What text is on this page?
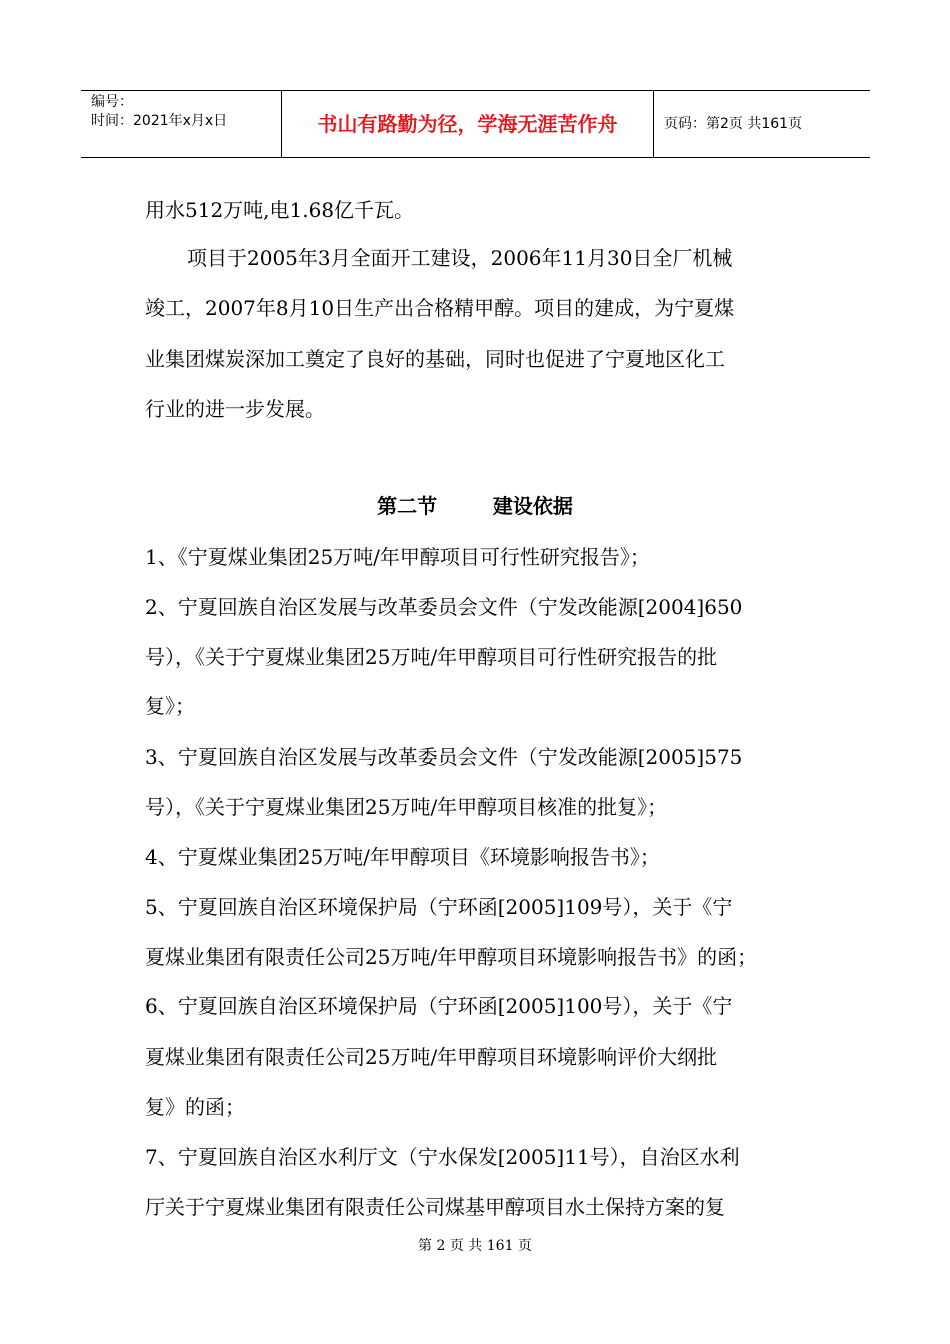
编号：
时间：2021年x月x日	书山有路勤为径，学海无涯苦作舟	页码：第2页 共161页
用水512万吨,电1.68亿千瓦。
项目于2005年3月全面开工建设，2006年11月30日全厂机械
竣工，2007年8月10日生产出合格精甲醇。项目的建成，为宁夏煤
业集团煤炭深加工奠定了良好的基础，同时也促进了宁夏地区化工
行业的进一步发展。
第二节	建设依据
1、《宁夏煤业集团25万吨/年甲醇项目可行性研究报告》；
2、宁夏回族自治区发展与改革委员会文件（宁发改能源[2004]650
号），《关于宁夏煤业集团25万吨/年甲醇项目可行性研究报告的批
复》；
3、宁夏回族自治区发展与改革委员会文件（宁发改能源[2005]575
号），《关于宁夏煤业集团25万吨/年甲醇项目核准的批复》；
4、宁夏煤业集团25万吨/年甲醇项目《环境影响报告书》；
5、宁夏回族自治区环境保护局（宁环函[2005]109号），关于《宁
夏煤业集团有限责任公司25万吨/年甲醇项目环境影响报告书》的函；
6、宁夏回族自治区环境保护局（宁环函[2005]100号），关于《宁
夏煤业集团有限责任公司25万吨/年甲醇项目环境影响评价大纲批
复》的函；
7、宁夏回族自治区水利厅文（宁水保发[2005]11号），自治区水利
厅关于宁夏煤业集团有限责任公司煤基甲醇项目水土保持方案的复
第 2 页 共 161 页
